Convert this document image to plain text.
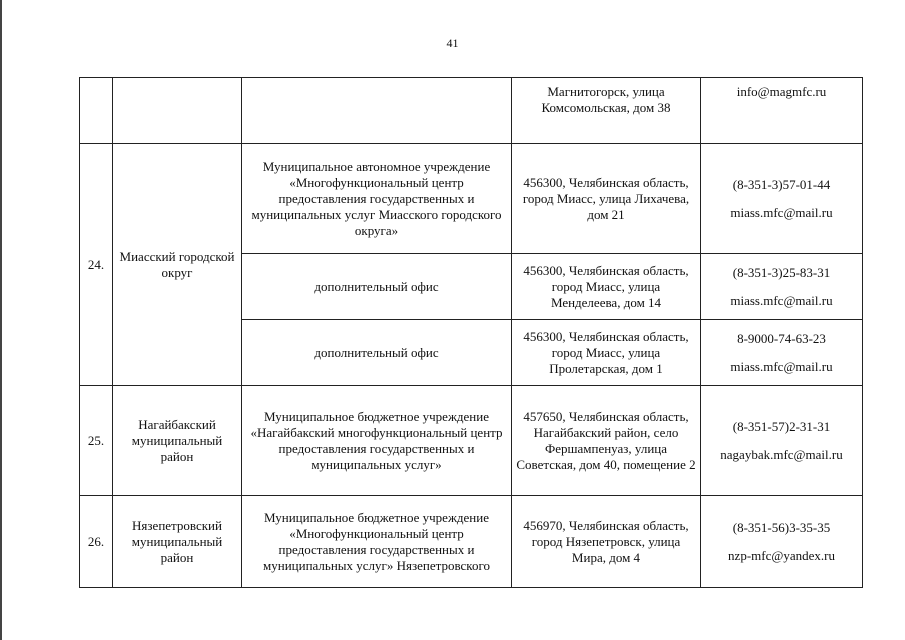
41
			Магнитогорск, улица Комсомольская, дом 38	info@magmfc.ru
24.	Миасский городской округ	Муниципальное автономное учреждение «Многофункциональный центр предоставления государственных и муниципальных услуг Миасского городского округа»	456300, Челябинская область, город Миасс, улица Лихачева, дом 21	(8-351-3)57-01-44
miass.mfc@mail.ru

		дополнительный офис	456300, Челябинская область, город Миасс, улица Менделеева, дом 14	(8-351-3)25-83-31
miass.mfc@mail.ru

		дополнительный офис	456300, Челябинская область, город Миасс, улица Пролетарская, дом 1	8-9000-74-63-23
miass.mfc@mail.ru

25.	Нагайбакский муниципальный район	Муниципальное бюджетное учреждение «Нагайбакский многофункциональный центр предоставления государственных и муниципальных услуг»	457650, Челябинская область, Нагайбакский район, село Фершампенуаз, улица Советская, дом 40, помещение 2	(8-351-57)2-31-31
nagaybak.mfc@mail.ru

26.	Нязепетровский муниципальный район	Муниципальное бюджетное учреждение «Многофункциональный центр предоставления государственных и муниципальных услуг» Нязепетровского	456970, Челябинская область, город Нязепетровск, улица Мира, дом 4	(8-351-56)3-35-35
nzp-mfc@yandex.ru
